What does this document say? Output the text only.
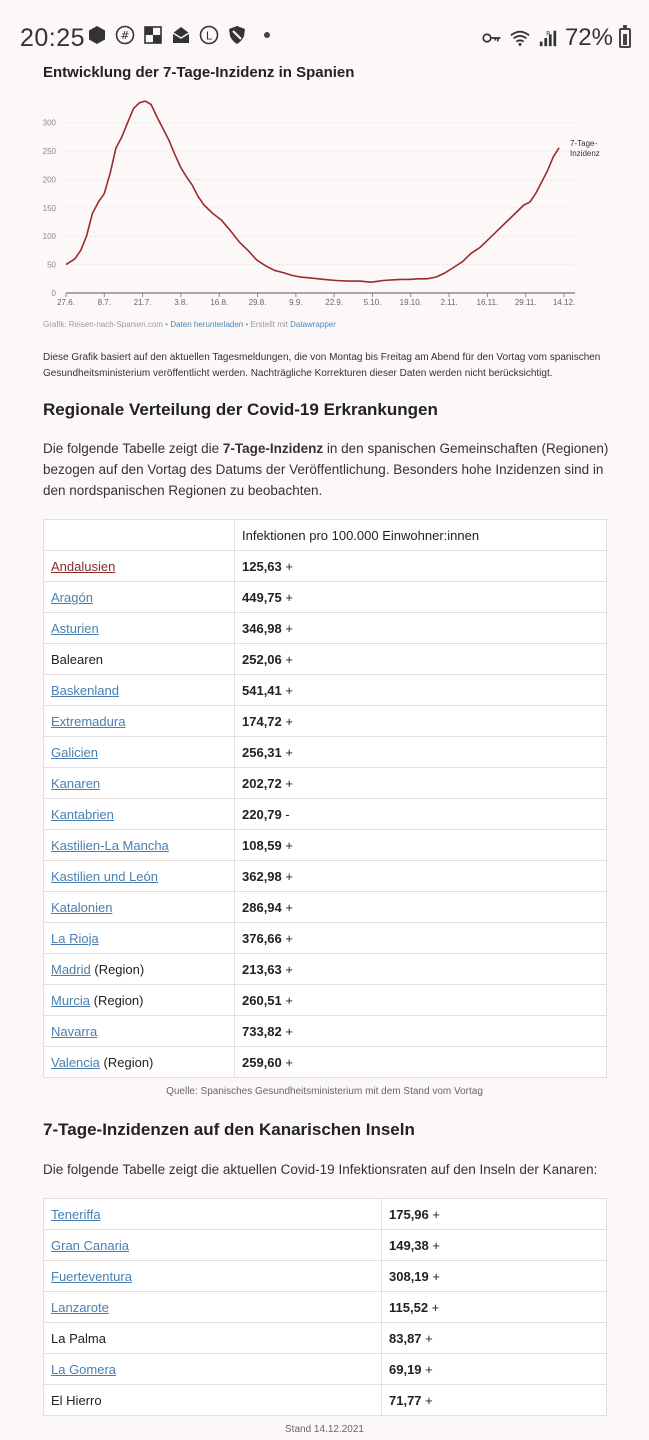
20:25	#	L	R 72%
Entwicklung der 7-Tage-Inzidenz in Spanien
0
50
100
150
200
250
300
27.6.	8.7.	21.7.	3.8.	16.8.	29.8.	9.9.	22.9.	5.10. 19.10. 2.11. 16.11. 29.11. 14.12.
7-Tage-
Inzidenz
Grafik: Reisen-nach-Spanien.com • Daten herunterladen • Erstellt mit Datawrapper
Diese Grafik basiert auf den aktuellen Tagesmeldungen, die von Montag bis Freitag am Abend für den Vortag vom spanischen Gesundheitsministerium veröffentlicht werden. Nachträgliche Korrekturen dieser Daten werden nicht berücksichtigt.
Regionale Verteilung der Covid-19 Erkrankungen
Die folgende Tabelle zeigt die 7-Tage-Inzidenz in den spanischen Gemeinschaften (Regionen) bezogen auf den Vortag des Datums der Veröffentlichung. Besonders hohe Inzidenzen sind in den nordspanischen Regionen zu beobachten.
	Infektionen pro 100.000 Einwohner:innen
Andalusien	125,63 +
Aragón	449,75 +
Asturien	346,98 +
Balearen	252,06 +
Baskenland	541,41 +
Extremadura	174,72 +
Galicien	256,31 +
Kanaren	202,72 +
Kantabrien	220,79 -
Kastilien-La Mancha	108,59 +
Kastilien und León	362,98 +
Katalonien	286,94 +
La Rioja	376,66 +
Madrid (Region)	213,63 +
Murcia (Region)	260,51 +
Navarra	733,82 +
Valencia (Region)	259,60 +
Quelle: Spanisches Gesundheitsministerium mit dem Stand vom Vortag
7-Tage-Inzidenzen auf den Kanarischen Inseln
Die folgende Tabelle zeigt die aktuellen Covid-19 Infektionsraten auf den Inseln der Kanaren:
Teneriffa	175,96 +
Gran Canaria	149,38 +
Fuerteventura	308,19 +
Lanzarote	115,52 +
La Palma	83,87 +
La Gomera	69,19 +
El Hierro	71,77 +
Stand 14.12.2021
